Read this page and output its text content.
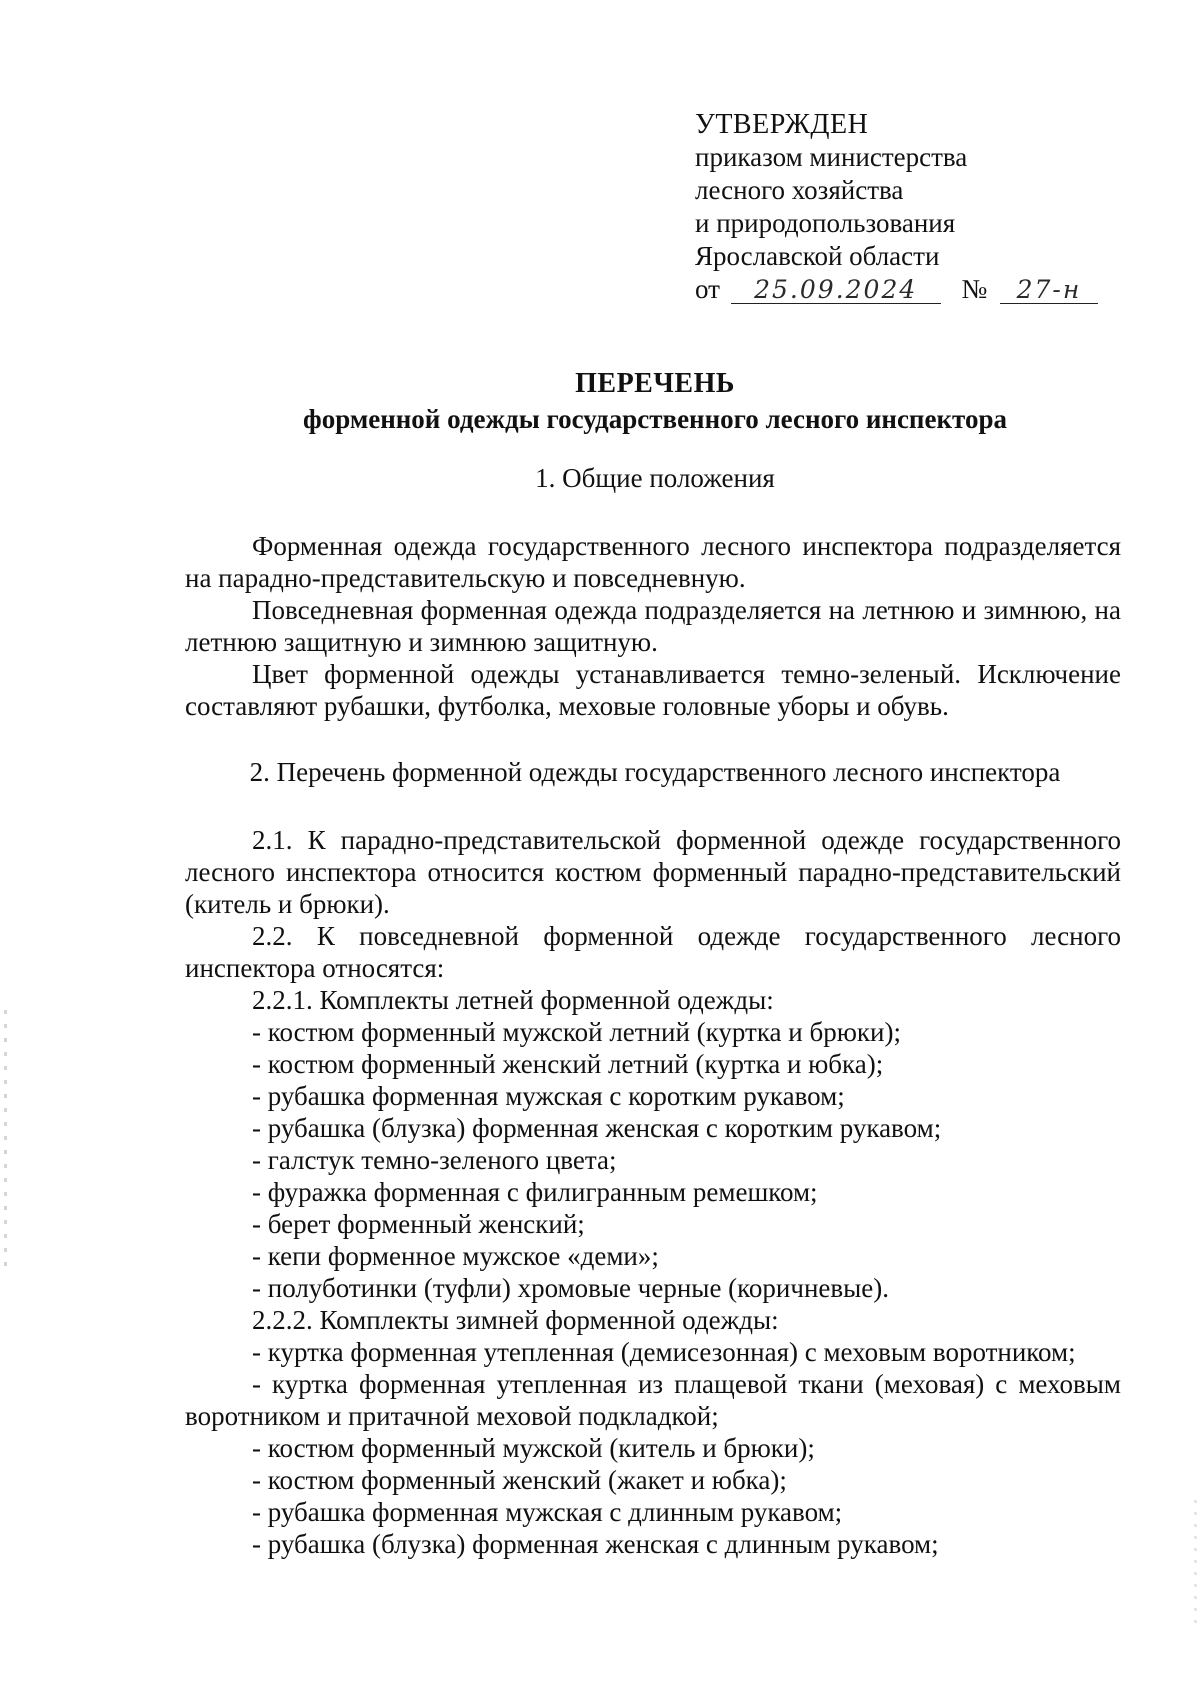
УТВЕРЖДЕН
приказом министерства
лесного хозяйства
и природопользования
Ярославской области
от 25.09.2024 № 27-н
ПЕРЕЧЕНЬ
форменной одежды государственного лесного инспектора
1. Общие положения

Форменная одежда государственного лесного инспектора подразделяется на парадно-представительскую и повседневную.

Повседневная форменная одежда подразделяется на летнюю и зимнюю, на летнюю защитную и зимнюю защитную.

Цвет форменной одежды устанавливается темно-зеленый. Исключение составляют рубашки, футболка, меховые головные уборы и обувь.

2. Перечень форменной одежды государственного лесного инспектора

2.1. К парадно-представительской форменной одежде государственного лесного инспектора относится костюм форменный парадно-представительский (китель и брюки).

2.2. К повседневной форменной одежде государственного лесного инспектора относятся:

2.2.1. Комплекты летней форменной одежды:
- костюм форменный мужской летний (куртка и брюки);
- костюм форменный женский летний (куртка и юбка);
- рубашка форменная мужская с коротким рукавом;
- рубашка (блузка) форменная женская с коротким рукавом;
- галстук темно-зеленого цвета;
- фуражка форменная с филигранным ремешком;
- берет форменный женский;
- кепи форменное мужское «деми»;
- полуботинки (туфли) хромовые черные (коричневые).
2.2.2. Комплекты зимней форменной одежды:
- куртка форменная утепленная (демисезонная) с меховым воротником;

- куртка форменная утепленная из плащевой ткани (меховая) с меховым воротником и притачной меховой подкладкой;

- костюм форменный мужской (китель и брюки);
- костюм форменный женский (жакет и юбка);
- рубашка форменная мужская с длинным рукавом;
- рубашка (блузка) форменная женская с длинным рукавом;
